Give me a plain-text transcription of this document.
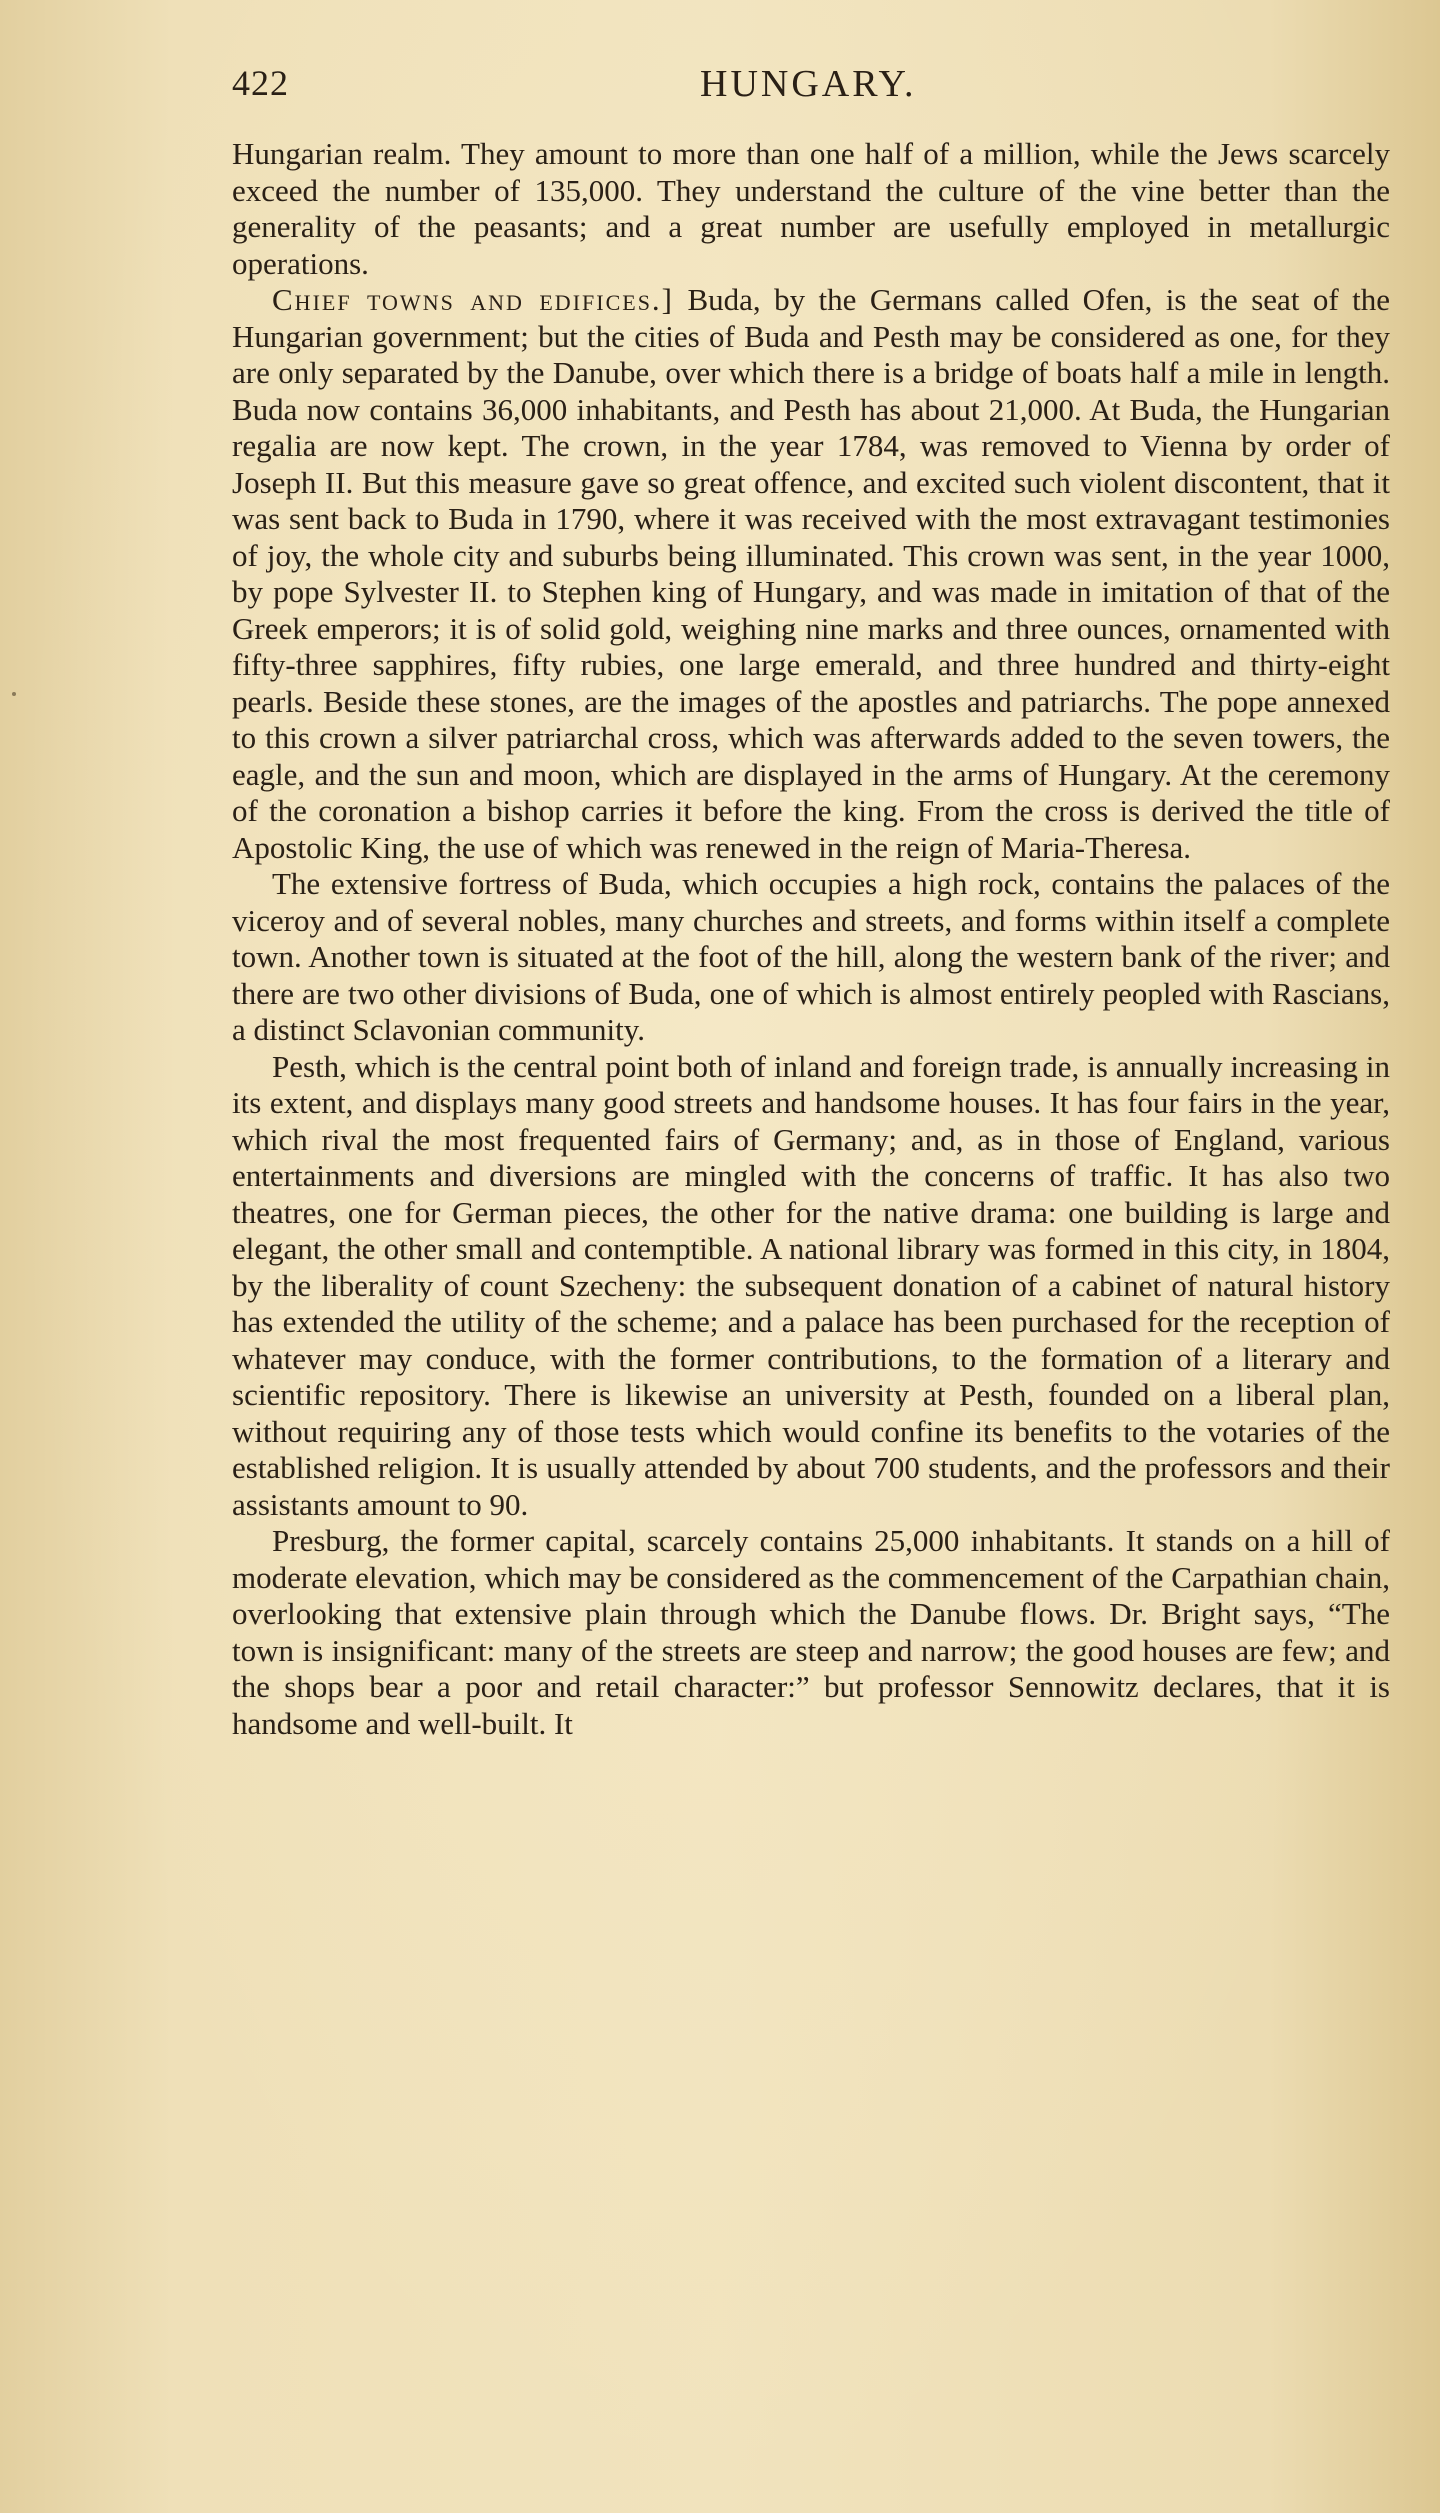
422	HUNGARY.

Hungarian realm. They amount to more than one half of a million, while the Jews scarcely exceed the number of 135,000. They understand the culture of the vine better than the generality of the peasants; and a great number are usefully employed in metallurgic operations.

Chief towns and edifices.] Buda, by the Germans called Ofen, is the seat of the Hungarian government; but the cities of Buda and Pesth may be considered as one, for they are only separated by the Danube, over which there is a bridge of boats half a mile in length. Buda now contains 36,000 inhabitants, and Pesth has about 21,000. At Buda, the Hungarian regalia are now kept. The crown, in the year 1784, was removed to Vienna by order of Joseph II. But this measure gave so great offence, and excited such violent discontent, that it was sent back to Buda in 1790, where it was received with the most extravagant testimonies of joy, the whole city and suburbs being illuminated. This crown was sent, in the year 1000, by pope Sylvester II. to Stephen king of Hungary, and was made in imitation of that of the Greek emperors; it is of solid gold, weighing nine marks and three ounces, ornamented with fifty-three sapphires, fifty rubies, one large emerald, and three hundred and thirty-eight pearls. Beside these stones, are the images of the apostles and patriarchs. The pope annexed to this crown a silver patriarchal cross, which was afterwards added to the seven towers, the eagle, and the sun and moon, which are displayed in the arms of Hungary. At the ceremony of the coronation a bishop carries it before the king. From the cross is derived the title of Apostolic King, the use of which was renewed in the reign of Maria-Theresa.

The extensive fortress of Buda, which occupies a high rock, contains the palaces of the viceroy and of several nobles, many churches and streets, and forms within itself a complete town. Another town is situated at the foot of the hill, along the western bank of the river; and there are two other divisions of Buda, one of which is almost entirely peopled with Rascians, a distinct Sclavonian community.

Pesth, which is the central point both of inland and foreign trade, is annually increasing in its extent, and displays many good streets and handsome houses. It has four fairs in the year, which rival the most frequented fairs of Germany; and, as in those of England, various entertainments and diversions are mingled with the concerns of traffic. It has also two theatres, one for German pieces, the other for the native drama: one building is large and elegant, the other small and contemptible. A national library was formed in this city, in 1804, by the liberality of count Szecheny: the subsequent donation of a cabinet of natural history has extended the utility of the scheme; and a palace has been purchased for the reception of whatever may conduce, with the former contributions, to the formation of a literary and scientific repository. There is likewise an university at Pesth, founded on a liberal plan, without requiring any of those tests which would confine its benefits to the votaries of the established religion. It is usually attended by about 700 students, and the professors and their assistants amount to 90.

Presburg, the former capital, scarcely contains 25,000 inhabitants. It stands on a hill of moderate elevation, which may be considered as the commencement of the Carpathian chain, overlooking that extensive plain through which the Danube flows. Dr. Bright says, “The town is insignificant: many of the streets are steep and narrow; the good houses are few; and the shops bear a poor and retail character:” but professor Sennowitz declares, that it is handsome and well-built. It
